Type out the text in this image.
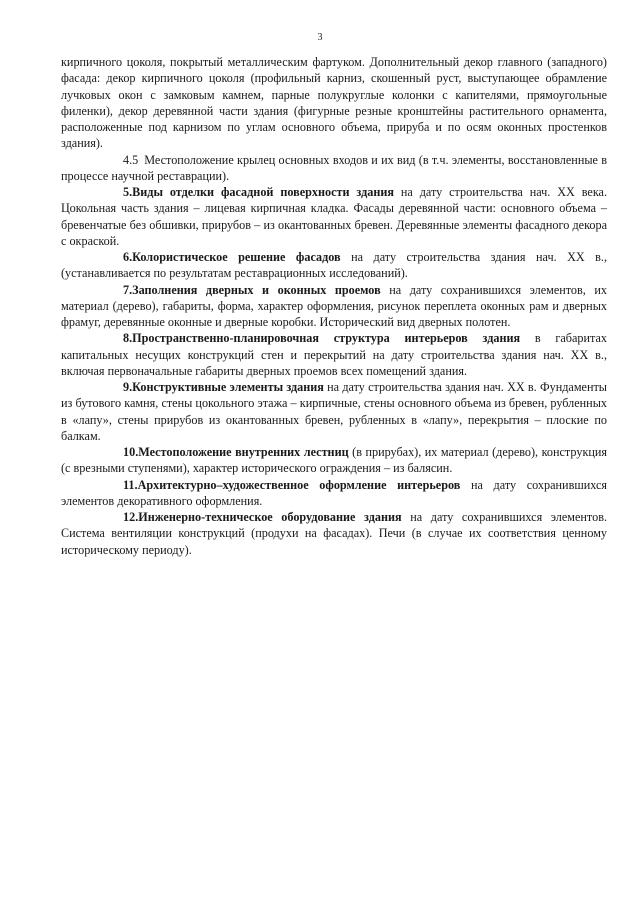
3

кирпичного цоколя, покрытый металлическим фартуком. Дополнительный декор главного (западного) фасада: декор кирпичного цоколя (профильный карниз, скошенный руст, выступающее обрамление лучковых окон с замковым камнем, парные полукруглые колонки с капителями, прямоугольные филенки), декор деревянной части здания (фигурные резные кронштейны растительного орнамента, расположенные под карнизом по углам основного объема, прируба и по осям оконных простенков здания).

4.5 Местоположение крылец основных входов и их вид (в т.ч. элементы, восстановленные в процессе научной реставрации).

5.Виды отделки фасадной поверхности здания на дату строительства нач. XX века. Цокольная часть здания – лицевая кирпичная кладка. Фасады деревянной части: основного объема – бревенчатые без обшивки, прирубов – из окантованных бревен. Деревянные элементы фасадного декора с окраской.

6.Колористическое решение фасадов на дату строительства здания нач. XX в., (устанавливается по результатам реставрационных исследований).

7.Заполнения дверных и оконных проемов на дату сохранившихся элементов, их материал (дерево), габариты, форма, характер оформления, рисунок переплета оконных рам и дверных фрамуг, деревянные оконные и дверные коробки. Исторический вид дверных полотен.

8.Пространственно-планировочная структура интерьеров здания в габаритах капитальных несущих конструкций стен и перекрытий на дату строительства здания нач. XX в., включая первоначальные габариты дверных проемов всех помещений здания.

9.Конструктивные элементы здания на дату строительства здания нач. XX в. Фундаменты из бутового камня, стены цокольного этажа – кирпичные, стены основного объема из бревен, рубленных в «лапу», стены прирубов из окантованных бревен, рубленных в «лапу», перекрытия – плоские по балкам.

10.Местоположение внутренних лестниц (в прирубах), их материал (дерево), конструкция (с врезными ступенями), характер исторического ограждения – из балясин.

11.Архитектурно–художественное оформление интерьеров на дату сохранившихся элементов декоративного оформления.

12.Инженерно-техническое оборудование здания на дату сохранившихся элементов. Система вентиляции конструкций (продухи на фасадах). Печи (в случае их соответствия ценному историческому периоду).
